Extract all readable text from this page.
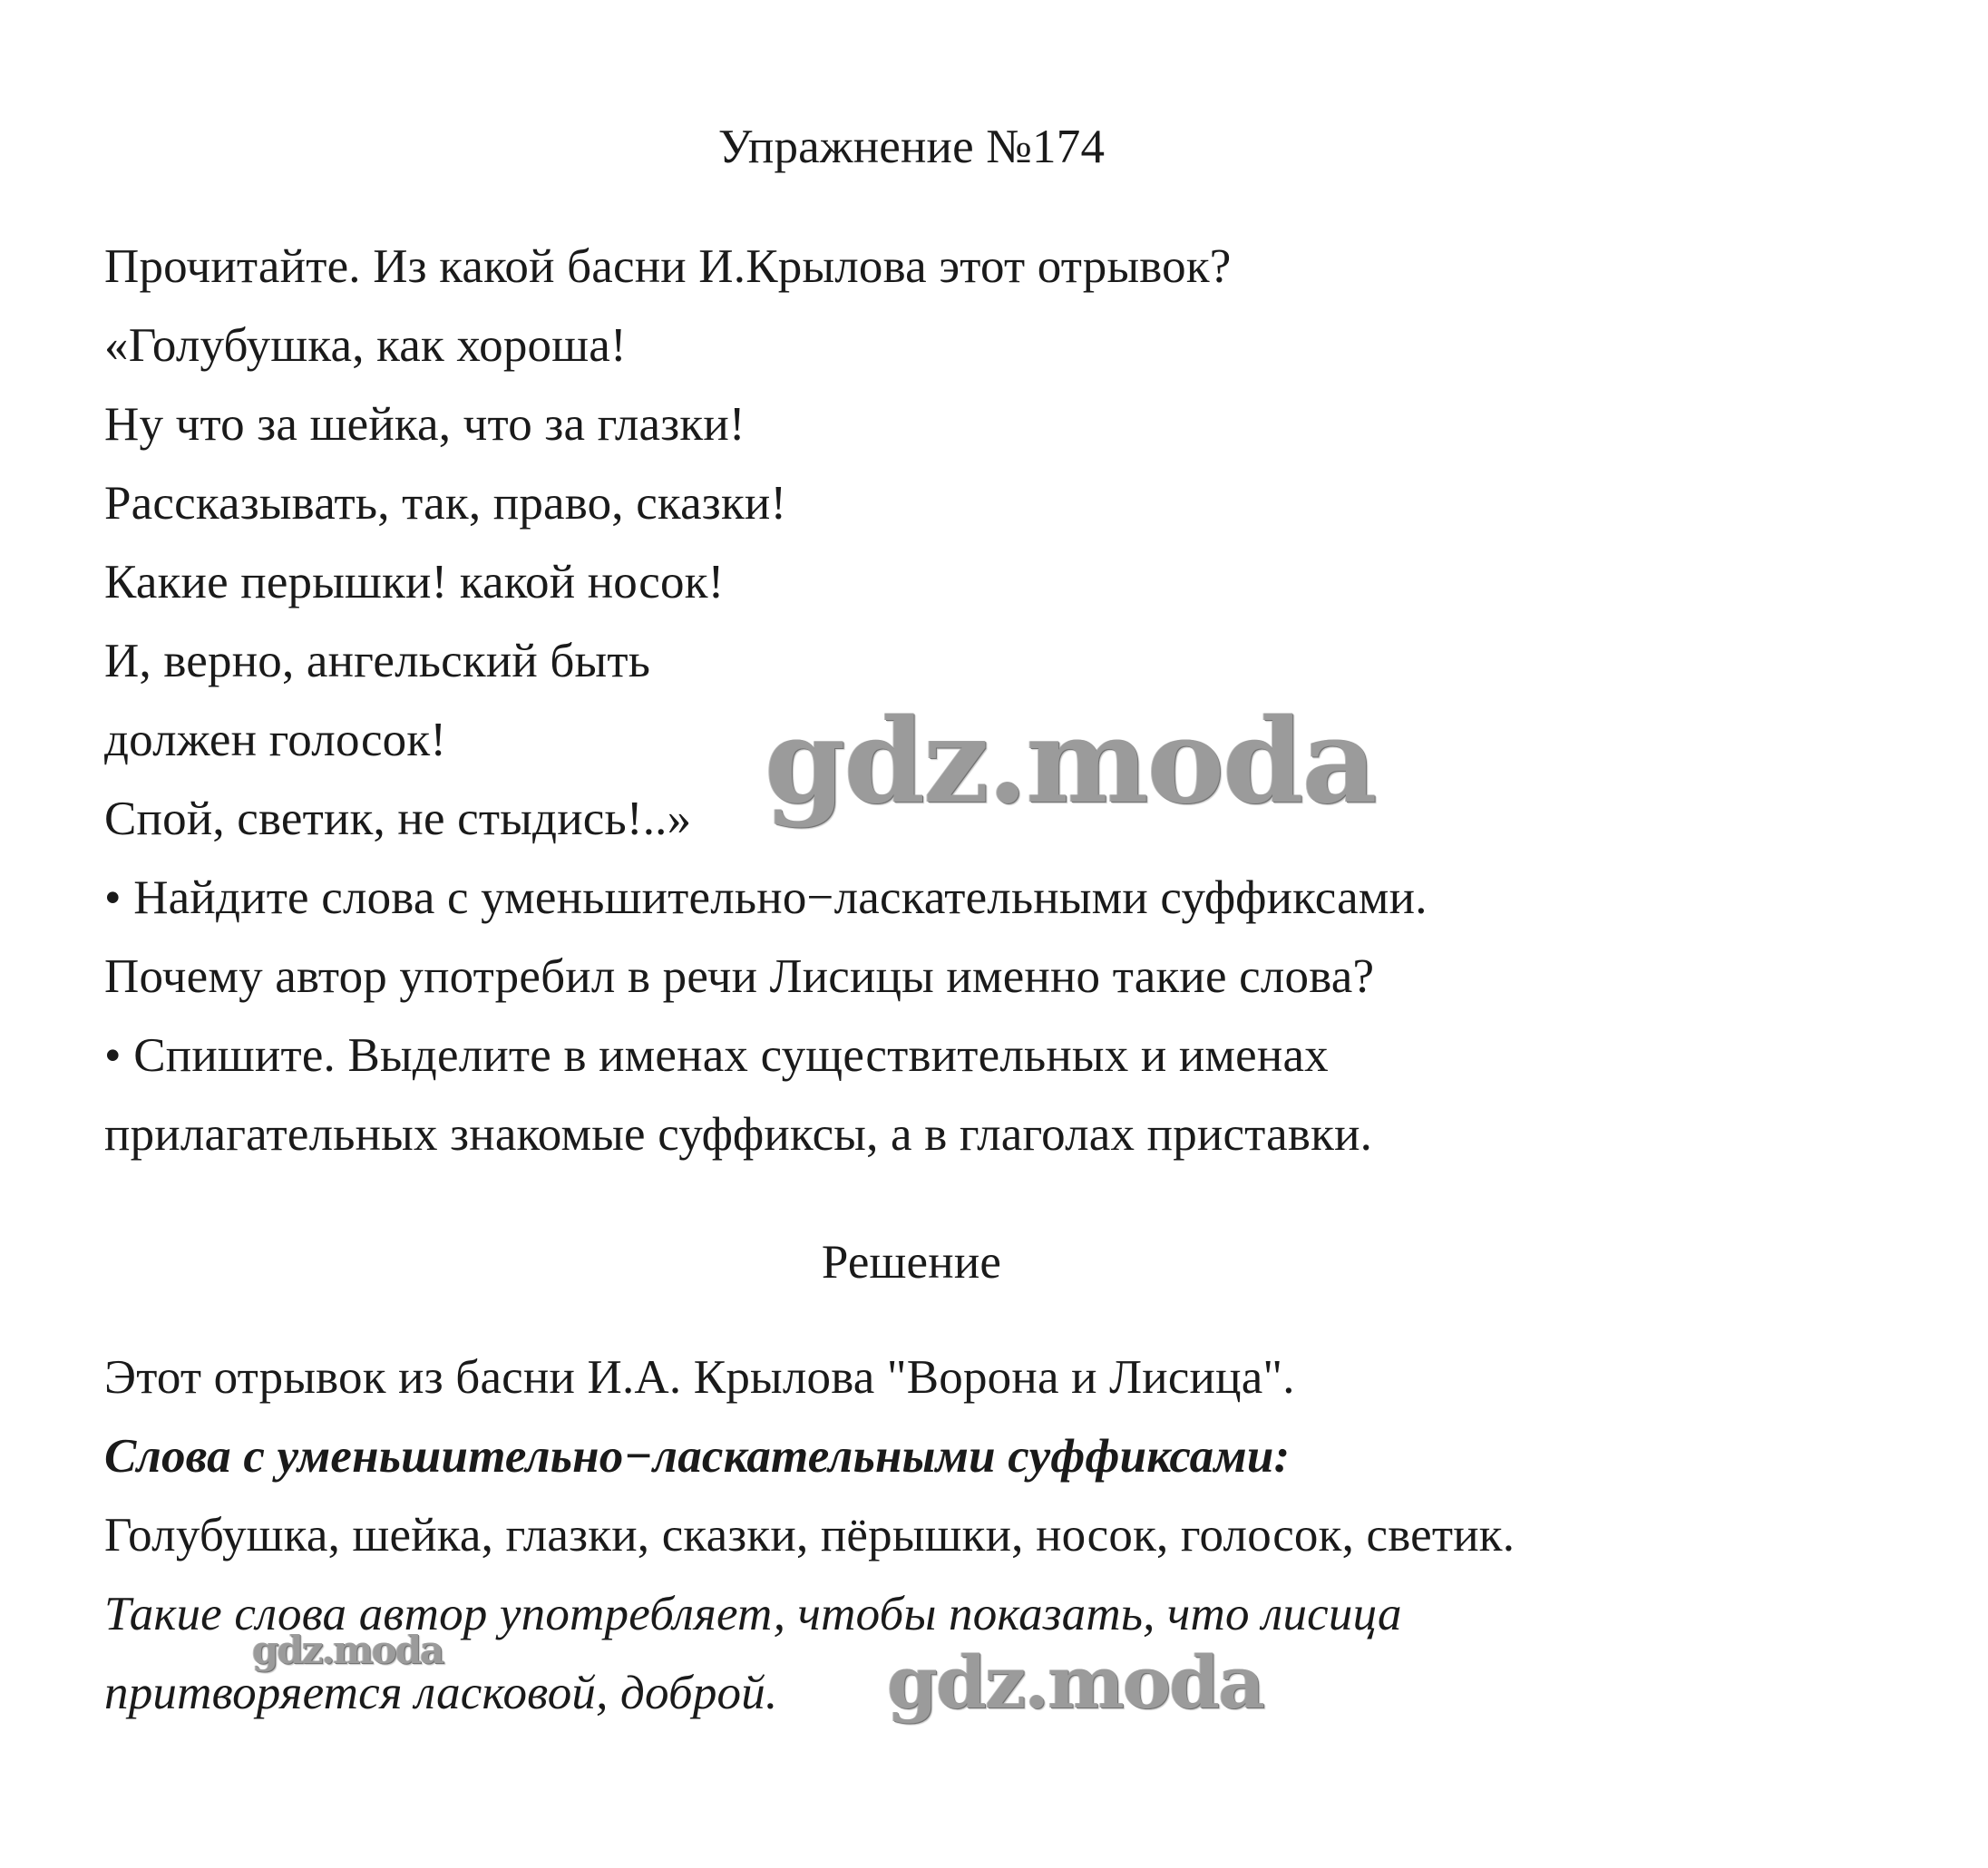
Упражнение №174
Прочитайте. Из какой басни И.Крылова этот отрывок?
«Голубушка, как хороша!
Ну что за шейка, что за глазки!
Рассказывать, так, право, сказки!
Какие перышки! какой носок!
И, верно, ангельский быть
должен голосок!
Спой, светик, не стыдись!..»
• Найдите слова с уменьшительно−ласкательными суффиксами.
Почему автор употребил в речи Лисицы именно такие слова?
• Спишите. Выделите в именах существительных и именах
прилагательных знакомые суффиксы, а в глаголах приставки.
Решение
Этот отрывок из басни И.А. Крылова "Ворона и Лисица".
Слова с уменьшительно−ласкательными суффиксами:
Голубушка, шейка, глазки, сказки, пёрышки, носок, голосок, светик.
Такие слова автор употребляет, чтобы показать, что лисица
притворяется ласковой, доброй.
gdz.moda
gdz.moda	gdz.moda
